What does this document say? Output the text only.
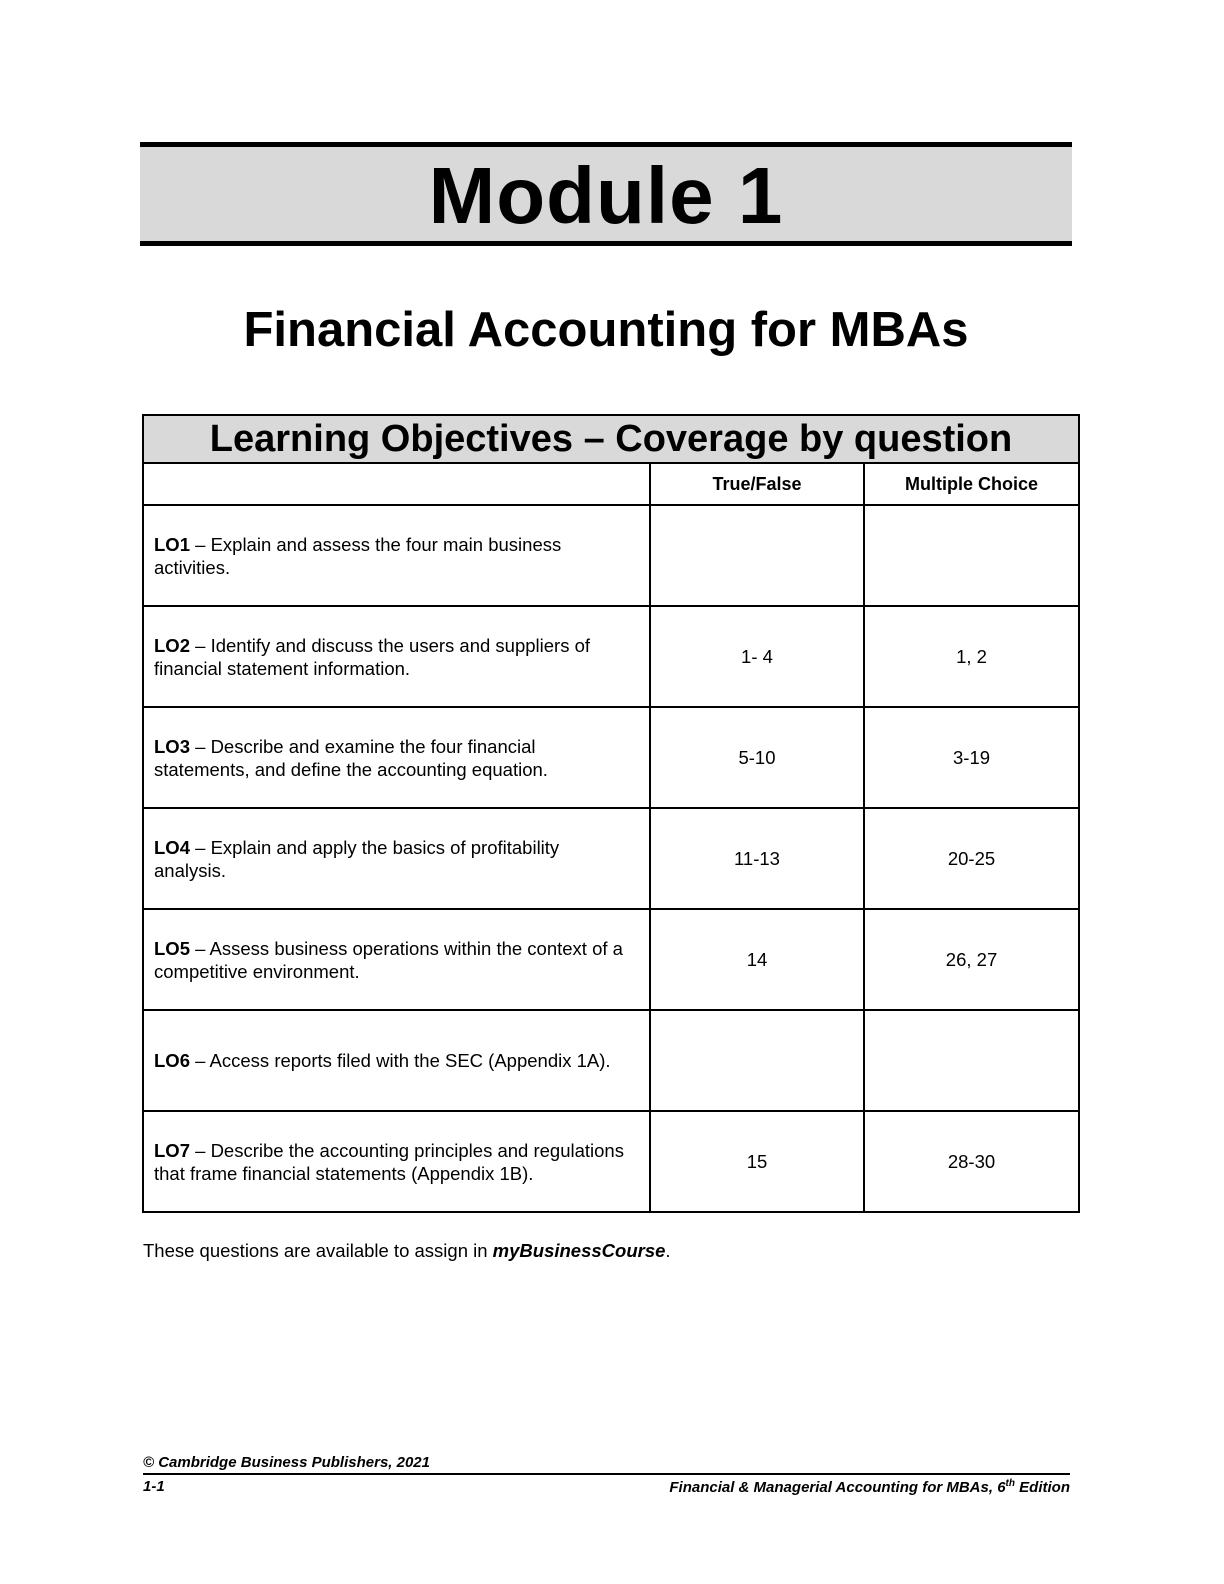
Module 1
Financial Accounting for MBAs
Learning Objectives – Coverage by question		
	True/False	Multiple Choice
LO1 – Explain and assess the four main business activities.		
LO2 – Identify and discuss the users and suppliers of financial statement information.	1- 4	1, 2
LO3 – Describe and examine the four financial statements, and define the accounting equation.	5-10	3-19
LO4 – Explain and apply the basics of profitability analysis.	11-13	20-25
LO5 – Assess business operations within the context of a competitive environment.	14	26, 27
LO6 – Access reports filed with the SEC (Appendix 1A).		
LO7 – Describe the accounting principles and regulations that frame financial statements (Appendix 1B).	15	28-30
These questions are available to assign in myBusinessCourse.
© Cambridge Business Publishers, 2021
1-1	Financial & Managerial Accounting for MBAs, 6th Edition
